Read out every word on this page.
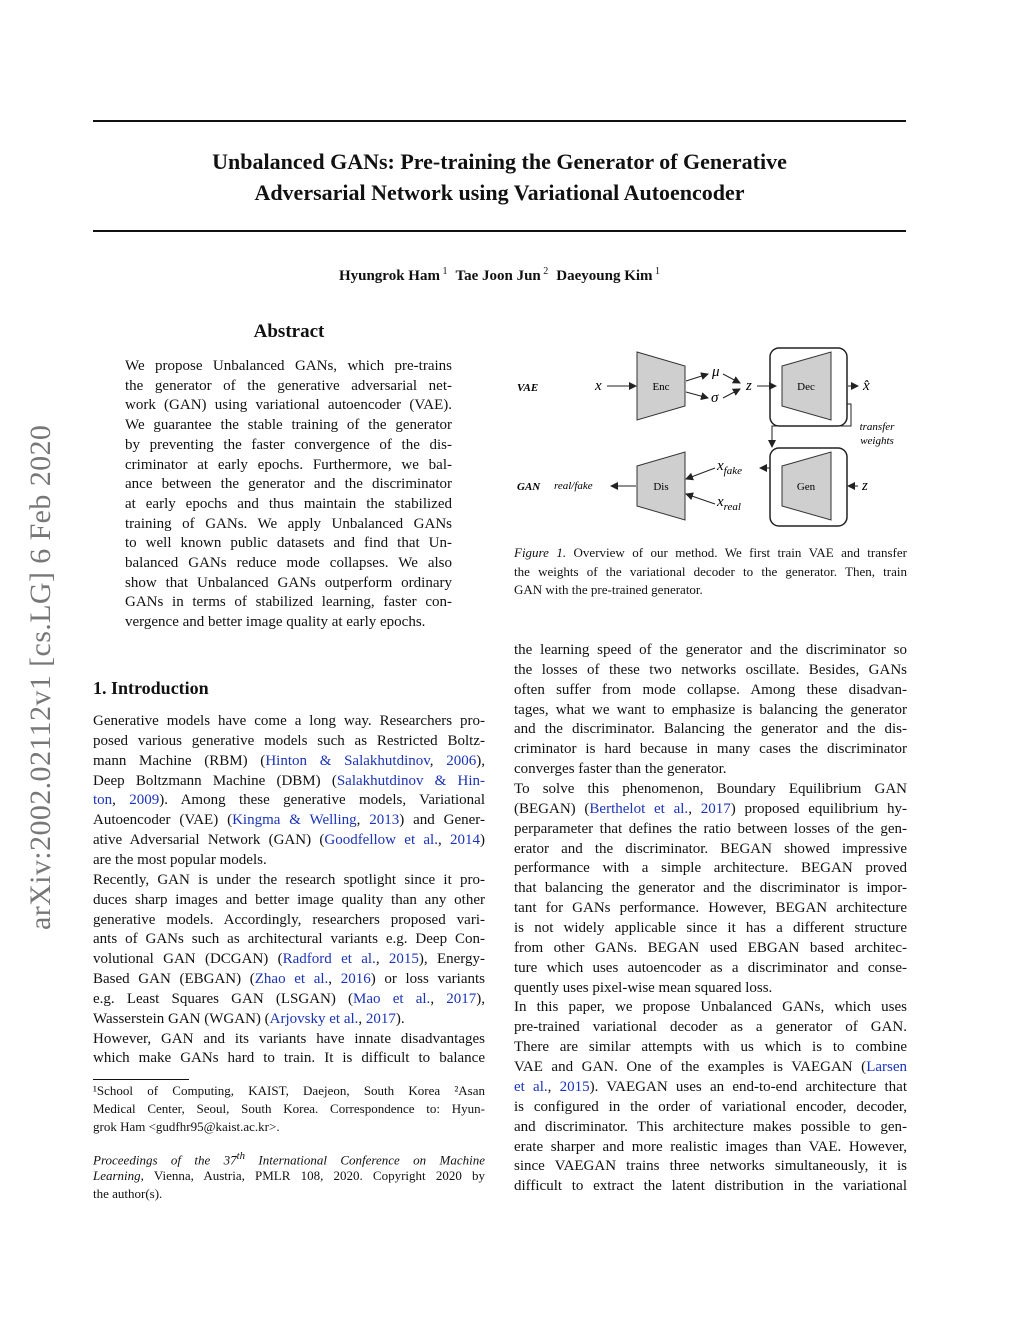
Unbalanced GANs: Pre-training the Generator of Generative
Adversarial Network using Variational Autoencoder
Hyungrok Ham $^1$ Tae Joon Jun $^2$ Daeyoung Kim $^1$
arXiv:2002.02112v1 [cs.LG] 6 Feb 2020
Abstract
We propose Unbalanced GANs, which pre-trains
the generator of the generative adversarial net-
work (GAN) using variational autoencoder (VAE).
We guarantee the stable training of the generator
by preventing the faster convergence of the dis-
criminator at early epochs. Furthermore, we bal-
ance between the generator and the discriminator
at early epochs and thus maintain the stabilized
training of GANs. We apply Unbalanced GANs
to well known public datasets and find that Un-
balanced GANs reduce mode collapses. We also
show that Unbalanced GANs outperform ordinary
GANs in terms of stabilized learning, faster con-
vergence and better image quality at early epochs.
1. Introduction
Generative models have come a long way. Researchers pro-
posed various generative models such as Restricted Boltz-
mann Machine (RBM) (Hinton & Salakhutdinov, 2006),
Deep Boltzmann Machine (DBM) (Salakhutdinov & Hin-
ton, 2009). Among these generative models, Variational
Autoencoder (VAE) (Kingma & Welling, 2013) and Gener-
ative Adversarial Network (GAN) (Goodfellow et al., 2014)
are the most popular models.
Recently, GAN is under the research spotlight since it pro-
duces sharp images and better image quality than any other
generative models. Accordingly, researchers proposed vari-
ants of GANs such as architectural variants e.g. Deep Con-
volutional GAN (DCGAN) (Radford et al., 2015), Energy-
Based GAN (EBGAN) (Zhao et al., 2016) or loss variants
e.g. Least Squares GAN (LSGAN) (Mao et al., 2017),
Wasserstein GAN (WGAN) (Arjovsky et al., 2017).
However, GAN and its variants have innate disadvantages
which make GANs hard to train. It is difficult to balance
the learning speed of the generator and the discriminator so
the losses of these two networks oscillate. Besides, GANs
often suffer from mode collapse. Among these disadvan-
tages, what we want to emphasize is balancing the generator
and the discriminator. Balancing the generator and the dis-
criminator is hard because in many cases the discriminator
converges faster than the generator.
To solve this phenomenon, Boundary Equilibrium GAN
(BEGAN) (Berthelot et al., 2017) proposed equilibrium hy-
perparameter that defines the ratio between losses of the gen-
erator and the discriminator. BEGAN showed impressive
performance with a simple architecture. BEGAN proved
that balancing the generator and the discriminator is impor-
tant for GANs performance. However, BEGAN architecture
is not widely applicable since it has a different structure
from other GANs. BEGAN used EBGAN based architec-
ture which uses autoencoder as a discriminator and conse-
quently uses pixel-wise mean squared loss.
In this paper, we propose Unbalanced GANs, which uses
pre-trained variational decoder as a generator of GAN.
There are similar attempts with us which is to combine
VAE and GAN. One of the examples is VAEGAN (Larsen
et al., 2015). VAEGAN uses an end-to-end architecture that
is configured in the order of variational encoder, decoder,
and discriminator. This architecture makes possible to gen-
erate sharper and more realistic images than VAE. However,
since VAEGAN trains three networks simultaneously, it is
difficult to extract the latent distribution in the variational
¹School of Computing, KAIST, Daejeon, South Korea ²Asan
Medical Center, Seoul, South Korea. Correspondence to: Hyun-
grok Ham <gudfhr95@kaist.ac.kr>.
Proceedings of the 37th International Conference on Machine
Learning, Vienna, Austria, PMLR 108, 2020. Copyright 2020 by
the author(s).
VAE
GAN
x	Enc
μ
σ
z	Dec	x̂
transfer
weights
Gen	z
$x_{fake}$
$x_{real}$
Dis
real/fake
Figure 1. Overview of our method. We first train VAE and transfer
the weights of the variational decoder to the generator. Then, train
GAN with the pre-trained generator.
